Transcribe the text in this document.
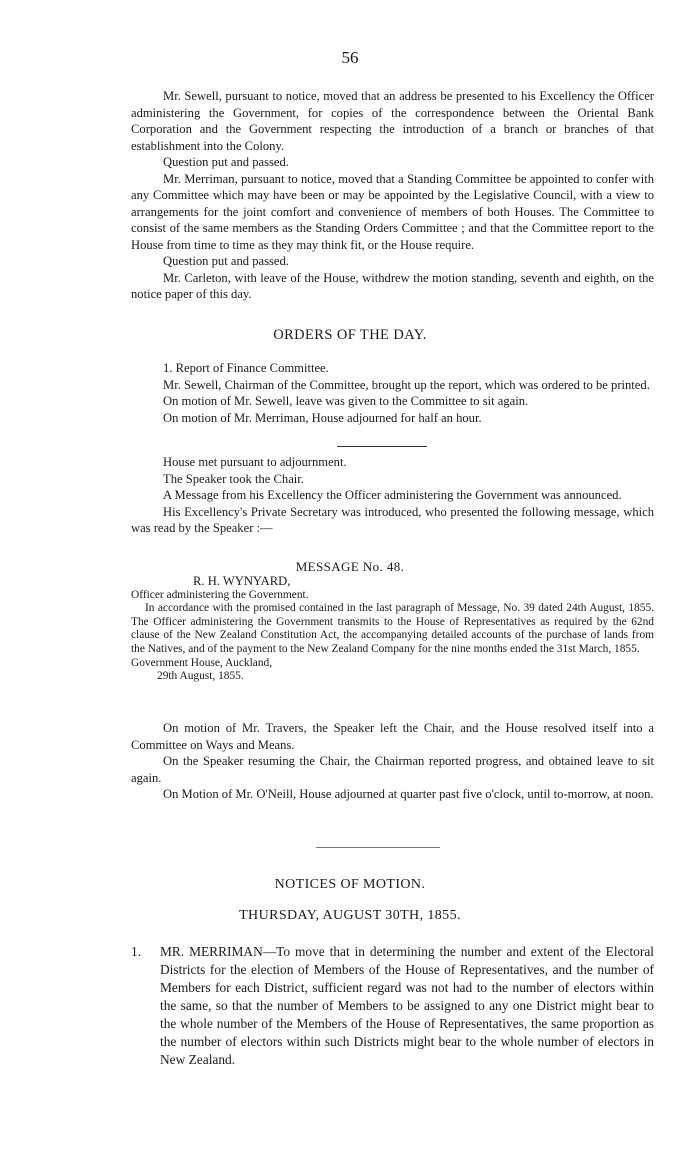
56

Mr. Sewell, pursuant to notice, moved that an address be presented to his Excellency the Officer administering the Government, for copies of the correspondence between the Oriental Bank Corporation and the Government respecting the introduction of a branch or branches of that establishment into the Colony.

Question put and passed.

Mr. Merriman, pursuant to notice, moved that a Standing Committee be appointed to confer with any Committee which may have been or may be appointed by the Legislative Council, with a view to arrangements for the joint comfort and convenience of members of both Houses. The Committee to consist of the same members as the Standing Orders Committee ; and that the Committee report to the House from time to time as they may think fit, or the House require.

Question put and passed.

Mr. Carleton, with leave of the House, withdrew the motion standing, seventh and eighth, on the notice paper of this day.

ORDERS OF THE DAY.

1. Report of Finance Committee.

Mr. Sewell, Chairman of the Committee, brought up the report, which was ordered to be printed.

On motion of Mr. Sewell, leave was given to the Committee to sit again.

On motion of Mr. Merriman, House adjourned for half an hour.

House met pursuant to adjournment.

The Speaker took the Chair.

A Message from his Excellency the Officer administering the Government was announced.

His Excellency's Private Secretary was introduced, who presented the following message, which was read by the Speaker :—

MESSAGE No. 48.

R. H. WYNYARD,

Officer administering the Government.

In accordance with the promised contained in the last paragraph of Message, No. 39 dated 24th August, 1855. The Officer administering the Government transmits to the House of Representatives as required by the 62nd clause of the New Zealand Constitution Act, the accompanying detailed accounts of the purchase of lands from the Natives, and of the payment to the New Zealand Company for the nine months ended the 31st March, 1855.

Government House, Auckland,

29th August, 1855.

On motion of Mr. Travers, the Speaker left the Chair, and the House resolved itself into a Committee on Ways and Means.

On the Speaker resuming the Chair, the Chairman reported progress, and obtained leave to sit again.

On Motion of Mr. O'Neill, House adjourned at quarter past five o'clock, until to-morrow, at noon.

NOTICES OF MOTION.
THURSDAY, AUGUST 30TH, 1855.
1. MR. MERRIMAN—To move that in determining the number and extent of the Electoral Districts for the election of Members of the House of Representatives, and the number of Members for each District, sufficient regard was not had to the number of electors within the same, so that the number of Members to be assigned to any one District might bear to the whole number of the Members of the House of Representatives, the same proportion as the number of electors within such Districts might bear to the whole number of electors in New Zealand.
